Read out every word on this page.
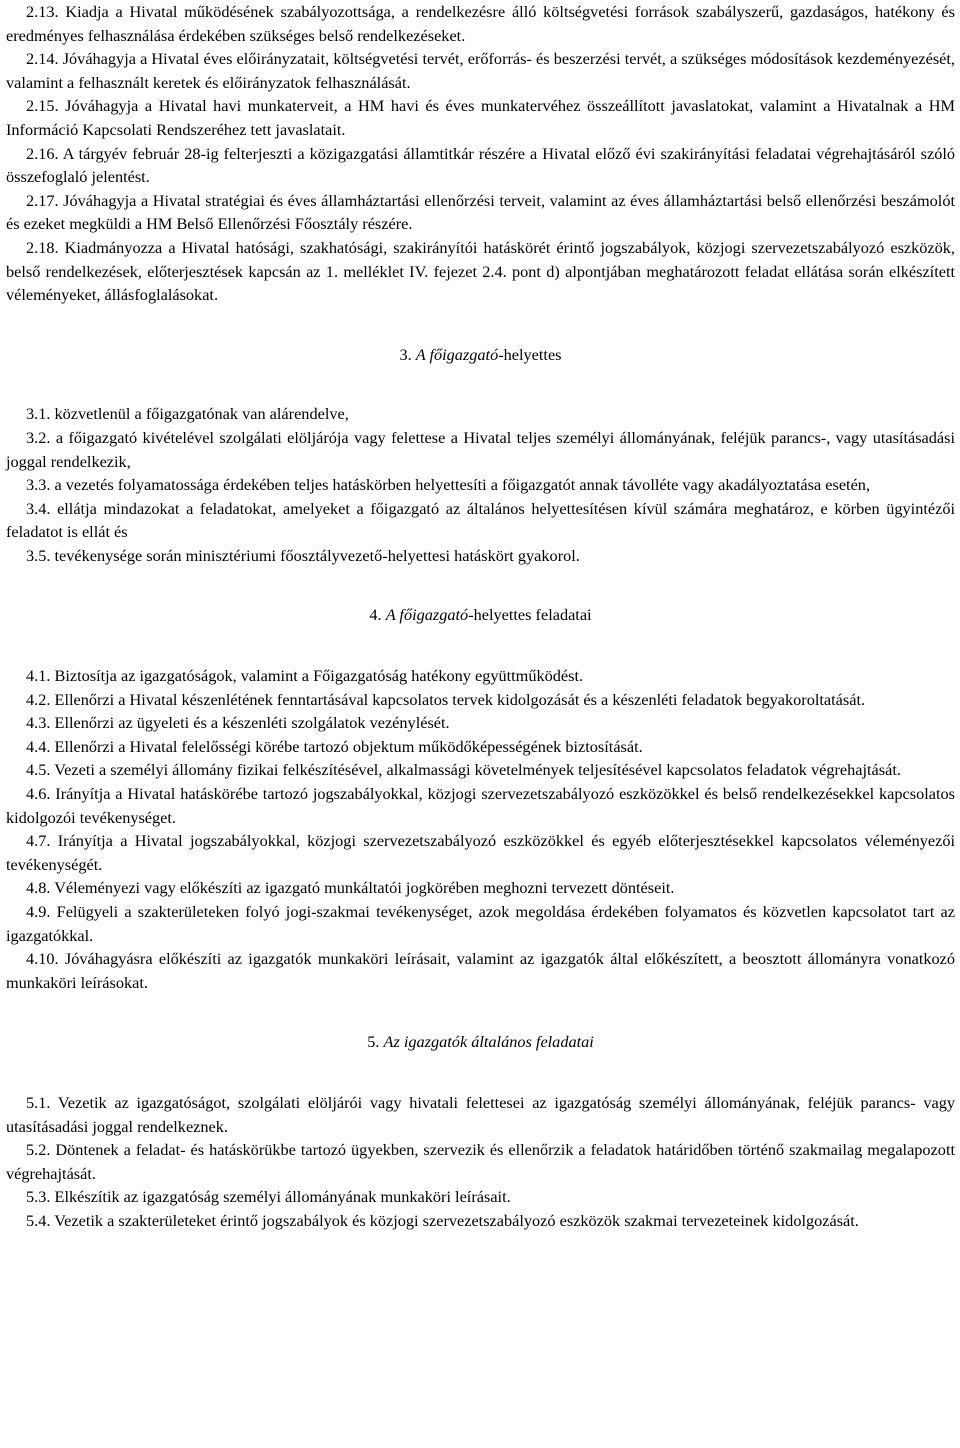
2.13. Kiadja a Hivatal működésének szabályozottsága, a rendelkezésre álló költségvetési források szabályszerű, gazdaságos, hatékony és eredményes felhasználása érdekében szükséges belső rendelkezéseket.

2.14. Jóváhagyja a Hivatal éves előirányzatait, költségvetési tervét, erőforrás- és beszerzési tervét, a szükséges módosítások kezdeményezését, valamint a felhasznált keretek és előirányzatok felhasználását.

2.15. Jóváhagyja a Hivatal havi munkaterveit, a HM havi és éves munkatervéhez összeállított javaslatokat, valamint a Hivatalnak a HM Információ Kapcsolati Rendszeréhez tett javaslatait.

2.16. A tárgyév február 28-ig felterjeszti a közigazgatási államtitkár részére a Hivatal előző évi szakirányítási feladatai végrehajtásáról szóló összefoglaló jelentést.

2.17. Jóváhagyja a Hivatal stratégiai és éves államháztartási ellenőrzési terveit, valamint az éves államháztartási belső ellenőrzési beszámolót és ezeket megküldi a HM Belső Ellenőrzési Főosztály részére.

2.18. Kiadmányozza a Hivatal hatósági, szakhatósági, szakirányítói hatáskörét érintő jogszabályok, közjogi szervezetszabályozó eszközök, belső rendelkezések, előterjesztések kapcsán az 1. melléklet IV. fejezet 2.4. pont d) alpontjában meghatározott feladat ellátása során elkészített véleményeket, állásfoglalásokat.

3. A főigazgató-helyettes

3.1. közvetlenül a főigazgatónak van alárendelve,

3.2. a főigazgató kivételével szolgálati elöljárója vagy felettese a Hivatal teljes személyi állományának, feléjük parancs-, vagy utasításadási joggal rendelkezik,

3.3. a vezetés folyamatossága érdekében teljes hatáskörben helyettesíti a főigazgatót annak távolléte vagy akadályoztatása esetén,

3.4. ellátja mindazokat a feladatokat, amelyeket a főigazgató az általános helyettesítésen kívül számára meghatároz, e körben ügyintézői feladatot is ellát és

3.5. tevékenysége során minisztériumi főosztályvezető-helyettesi hatáskört gyakorol.

4. A főigazgató-helyettes feladatai

4.1. Biztosítja az igazgatóságok, valamint a Főigazgatóság hatékony együttműködést.

4.2. Ellenőrzi a Hivatal készenlétének fenntartásával kapcsolatos tervek kidolgozását és a készenléti feladatok begyakoroltatását.

4.3. Ellenőrzi az ügyeleti és a készenléti szolgálatok vezénylését.

4.4. Ellenőrzi a Hivatal felelősségi körébe tartozó objektum működőképességének biztosítását.

4.5. Vezeti a személyi állomány fizikai felkészítésével, alkalmassági követelmények teljesítésével kapcsolatos feladatok végrehajtását.

4.6. Irányítja a Hivatal hatáskörébe tartozó jogszabályokkal, közjogi szervezetszabályozó eszközökkel és belső rendelkezésekkel kapcsolatos kidolgozói tevékenységet.

4.7. Irányítja a Hivatal jogszabályokkal, közjogi szervezetszabályozó eszközökkel és egyéb előterjesztésekkel kapcsolatos véleményezői tevékenységét.

4.8. Véleményezi vagy előkészíti az igazgató munkáltatói jogkörében meghozni tervezett döntéseit.

4.9. Felügyeli a szakterületeken folyó jogi-szakmai tevékenységet, azok megoldása érdekében folyamatos és közvetlen kapcsolatot tart az igazgatókkal.

4.10. Jóváhagyásra előkészíti az igazgatók munkaköri leírásait, valamint az igazgatók által előkészített, a beosztott állományra vonatkozó munkaköri leírásokat.

5. Az igazgatók általános feladatai

5.1. Vezetik az igazgatóságot, szolgálati elöljárói vagy hivatali felettesei az igazgatóság személyi állományának, feléjük parancs- vagy utasításadási joggal rendelkeznek.

5.2. Döntenek a feladat- és hatáskörükbe tartozó ügyekben, szervezik és ellenőrzik a feladatok határidőben történő szakmailag megalapozott végrehajtását.

5.3. Elkészítik az igazgatóság személyi állományának munkaköri leírásait.

5.4. Vezetik a szakterületeket érintő jogszabályok és közjogi szervezetszabályozó eszközök szakmai tervezeteinek kidolgozását.
